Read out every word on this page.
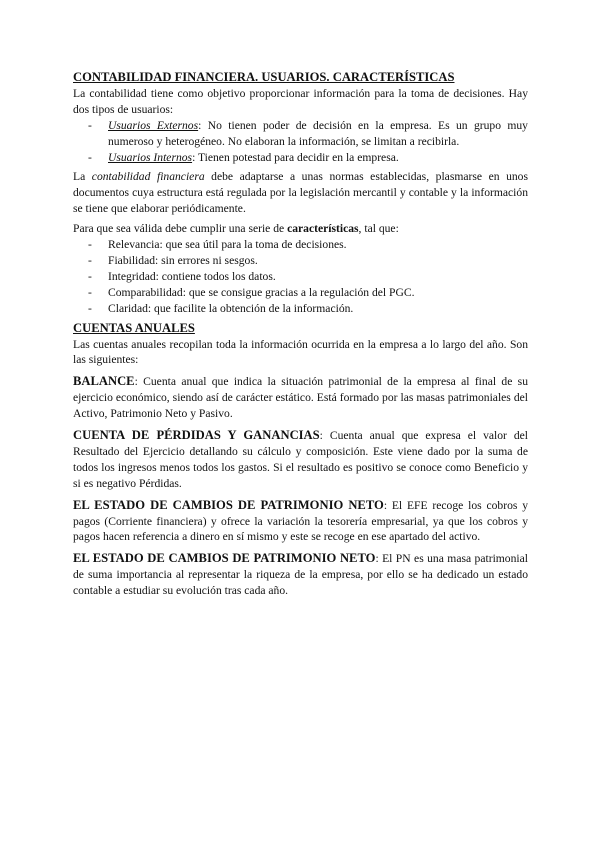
CONTABILIDAD FINANCIERA. USUARIOS. CARACTERÍSTICAS

La contabilidad tiene como objetivo proporcionar información para la toma de decisiones. Hay dos tipos de usuarios:

- Usuarios Externos: No tienen poder de decisión en la empresa. Es un grupo muy numeroso y heterogéneo. No elaboran la información, se limitan a recibirla.
- Usuarios Internos: Tienen potestad para decidir en la empresa.

La contabilidad financiera debe adaptarse a unas normas establecidas, plasmarse en unos documentos cuya estructura está regulada por la legislación mercantil y contable y la información se tiene que elaborar periódicamente.

Para que sea válida debe cumplir una serie de características, tal que:

- Relevancia: que sea útil para la toma de decisiones.
- Fiabilidad: sin errores ni sesgos.
- Integridad: contiene todos los datos.
- Comparabilidad: que se consigue gracias a la regulación del PGC.
- Claridad: que facilite la obtención de la información.

CUENTAS ANUALES

Las cuentas anuales recopilan toda la información ocurrida en la empresa a lo largo del año. Son las siguientes:

BALANCE: Cuenta anual que indica la situación patrimonial de la empresa al final de su ejercicio económico, siendo así de carácter estático. Está formado por las masas patrimoniales del Activo, Patrimonio Neto y Pasivo.

CUENTA DE PÉRDIDAS Y GANANCIAS: Cuenta anual que expresa el valor del Resultado del Ejercicio detallando su cálculo y composición. Este viene dado por la suma de todos los ingresos menos todos los gastos. Si el resultado es positivo se conoce como Beneficio y si es negativo Pérdidas.

EL ESTADO DE CAMBIOS DE PATRIMONIO NETO: El EFE recoge los cobros y pagos (Corriente financiera) y ofrece la variación la tesorería empresarial, ya que los cobros y pagos hacen referencia a dinero en sí mismo y este se recoge en ese apartado del activo.

EL ESTADO DE CAMBIOS DE PATRIMONIO NETO: El PN es una masa patrimonial de suma importancia al representar la riqueza de la empresa, por ello se ha dedicado un estado contable a estudiar su evolución tras cada año.
